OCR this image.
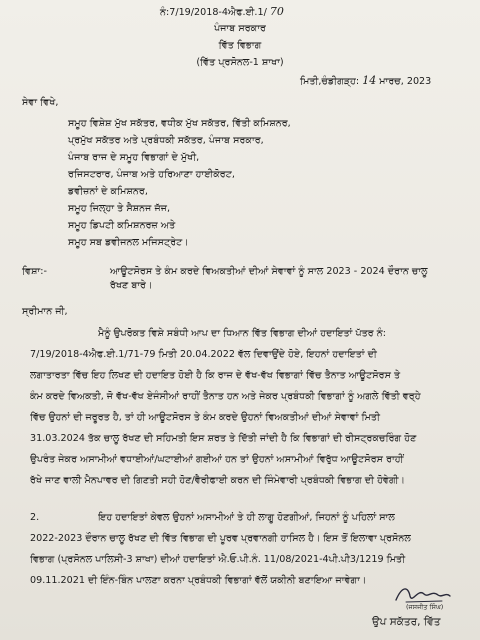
ਨੰ:7/19/2018-4ਐਫ.ਈ.1/ 70
ਪੰਜਾਬ ਸਰਕਾਰ
ਵਿੱਤ ਵਿਭਾਗ
(ਵਿੱਤ ਪ੍ਰਸੋਨਲ-1 ਸ਼ਾਖਾ)
ਮਿਤੀ,ਚੰਡੀਗੜ੍ਹ: 14 ਮਾਰਚ, 2023
ਸੇਵਾ ਵਿਖੇ,
ਸਮੂਹ ਵਿਸ਼ੇਸ਼ ਮੁੱਖ ਸਕੱਤਰ, ਵਧੀਕ ਮੁੱਖ ਸਕੱਤਰ, ਵਿੱਤੀ ਕਮਿਸ਼ਨਰ,
ਪ੍ਰਮੁੱਖ ਸਕੱਤਰ ਅਤੇ ਪ੍ਰਬੰਧਕੀ ਸਕੱਤਰ, ਪੰਜਾਬ ਸਰਕਾਰ,
ਪੰਜਾਬ ਰਾਜ ਦੇ ਸਮੂਹ ਵਿਭਾਗਾਂ ਦੇ ਮੁੱਖੀ,
ਰਜਿਸਟਰਾਰ, ਪੰਜਾਬ ਅਤੇ ਹਰਿਆਣਾ ਹਾਈਕੋਰਟ,
ਡਵੀਜ਼ਨਾਂ ਦੇ ਕਮਿਸ਼ਨਰ,
ਸਮੂਹ ਜਿਲ੍ਹਾ ਤੇ ਸੈਸ਼ਨਜ ਜੱਜ,
ਸਮੂਹ ਡਿਪਟੀ ਕਮਿਸ਼ਨਰਜ਼ ਅਤੇ
ਸਮੂਹ ਸਬ ਡਵੀਜਨਲ ਮਜਿਸਟ੍ਰੇਟ।
ਵਿਸ਼ਾ:-	ਆਊਟਸੋਰਸ ਤੇ ਕੰਮ ਕਰਦੇ ਵਿਅਕਤੀਆਂ ਦੀਆਂ ਸੇਵਾਵਾਂ ਨੂੰ ਸਾਲ 2023 - 2024 ਦੌਰਾਨ ਚਾਲੂ
ਰੱਖਣ ਬਾਰੇ।
ਸ੍ਰੀਮਾਨ ਜੀ,
ਮੈਨੂੰ ਉਪਰੋਕਤ ਵਿਸ਼ੇ ਸਬੰਧੀ ਆਪ ਦਾ ਧਿਆਨ ਵਿੱਤ ਵਿਭਾਗ ਦੀਆਂ ਹਦਾਇਤਾਂ ਪੱਤਰ ਨੰ:
7/19/2018-4ਐਫ.ਈ.1/71-79 ਮਿਤੀ 20.04.2022 ਵੱਲ ਦਿਵਾਉਂਦੇ ਹੋਏ, ਇਹਨਾਂ ਹਦਾਇਤਾਂ ਦੀ
ਲਗਾਤਾਰਤਾ ਵਿੱਚ ਇਹ ਲਿਖਣ ਦੀ ਹਦਾਇਤ ਹੋਈ ਹੈ ਕਿ ਰਾਜ ਦੇ ਵੱਖ-ਵੱਖ ਵਿਭਾਗਾਂ ਵਿੱਚ ਤੈਨਾਤ ਆਊਟਸੋਰਸ ਤੇ
ਕੰਮ ਕਰਦੇ ਵਿਅਕਤੀ, ਜੋ ਵੱਖ-ਵੱਖ ਏਜੰਸੀਆਂ ਰਾਹੀਂ ਤੈਨਾਤ ਹਨ ਅਤੇ ਜੇਕਰ ਪ੍ਰਬੰਧਕੀ ਵਿਭਾਗਾਂ ਨੂੰ ਅਗਲੇ ਵਿੱਤੀ ਵਰ੍ਹੇ
ਵਿੱਚ ਉਹਨਾਂ ਦੀ ਜਰੂਰਤ ਹੈ, ਤਾਂ ਹੀ ਆਊਟਸੋਰਸ ਤੇ ਕੰਮ ਕਰਦੇ ਉਹਨਾਂ ਵਿਅਕਤੀਆਂ ਦੀਆਂ ਸੇਵਾਵਾਂ ਮਿਤੀ
31.03.2024 ਤੱਕ ਚਾਲੂ ਰੱਖਣ ਦੀ ਸਹਿਮਤੀ ਇਸ ਸ਼ਰਤ ਤੇ ਦਿੱਤੀ ਜਾਂਦੀ ਹੈ ਕਿ ਵਿਭਾਗਾਂ ਦੀ ਰੀਸਟ੍ਰਕਚਰਿੰਗ ਹੋਣ
ਉਪਰੰਤ ਜੇਕਰ ਅਸਾਮੀਆਂ ਵਧਾਈਆਂ/ਘਟਾਈਆਂ ਗਈਆਂ ਹਨ ਤਾਂ ਉਹਨਾਂ ਅਸਾਮੀਆਂ ਵਿਰੁੱਧ ਆਊਟਸੋਰਸ ਰਾਹੀਂ
ਰੱਖੇ ਜਾਣ ਵਾਲੀ ਮੈਨਪਾਵਰ ਦੀ ਗਿਣਤੀ ਸਹੀ ਹੋਣ/ਵੈਰੀਫਾਈ ਕਰਨ ਦੀ ਜਿੰਮੇਵਾਰੀ ਪ੍ਰਬੰਧਕੀ ਵਿਭਾਗ ਦੀ ਹੋਵੇਗੀ।
2.	ਇਹ ਹਦਾਇਤਾਂ ਕੇਵਲ ਉਹਨਾਂ ਅਸਾਮੀਆਂ ਤੇ ਹੀ ਲਾਗੂ ਹੋਣਗੀਆਂ, ਜਿਹਨਾਂ ਨੂੰ ਪਹਿਲਾਂ ਸਾਲ
2022-2023 ਦੌਰਾਨ ਚਾਲੂ ਰੱਖਣ ਦੀ ਵਿੱਤ ਵਿਭਾਗ ਦੀ ਪੂਰਵ ਪ੍ਰਵਾਨਗੀ ਹਾਸਿਲ ਹੈ। ਇਸ ਤੋਂ ਇਲਾਵਾ ਪ੍ਰਸੋਨਲ
ਵਿਭਾਗ (ਪ੍ਰਸੋਨਲ ਪਾਲਿਸੀ-3 ਸ਼ਾਖਾ) ਦੀਆਂ ਹਦਾਇਤਾਂ ਐ.ਓ.ਪੀ.ਨੰ. 11/08/2021-4ਪੀ.ਪੀ3/1219 ਮਿਤੀ
09.11.2021 ਦੀ ਇੰਨ-ਬਿੰਨ ਪਾਲਣਾ ਕਰਨਾ ਪ੍ਰਬੰਧਕੀ ਵਿਭਾਗਾਂ ਵੱਲੋਂ ਯਕੀਨੀ ਬਣਾਇਆ ਜਾਵੇਗਾ।
(ਜਸਜੀਤ ਸਿੰਘ)
ਉਪ ਸਕੱਤਰ, ਵਿੱਤ
